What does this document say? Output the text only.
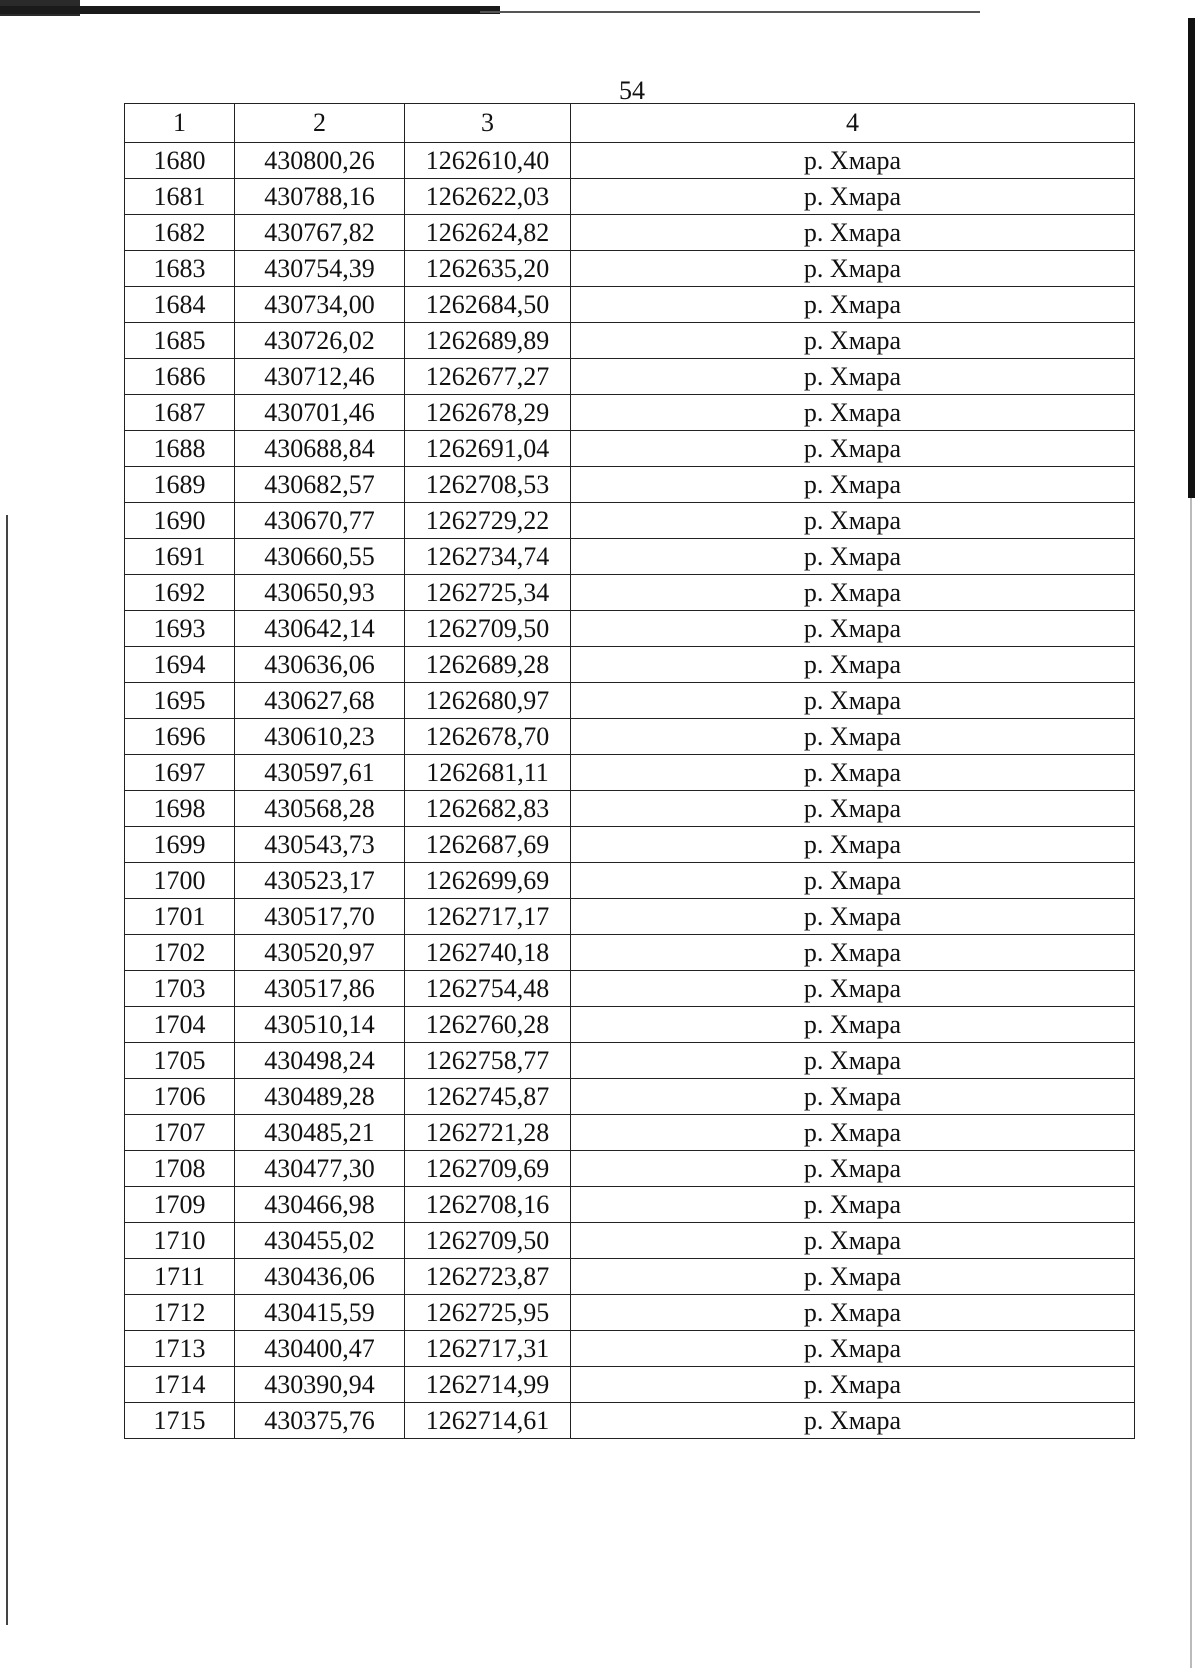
54
1	2	3	4
1680	430800,26	1262610,40	р. Хмара
1681	430788,16	1262622,03	р. Хмара
1682	430767,82	1262624,82	р. Хмара
1683	430754,39	1262635,20	р. Хмара
1684	430734,00	1262684,50	р. Хмара
1685	430726,02	1262689,89	р. Хмара
1686	430712,46	1262677,27	р. Хмара
1687	430701,46	1262678,29	р. Хмара
1688	430688,84	1262691,04	р. Хмара
1689	430682,57	1262708,53	р. Хмара
1690	430670,77	1262729,22	р. Хмара
1691	430660,55	1262734,74	р. Хмара
1692	430650,93	1262725,34	р. Хмара
1693	430642,14	1262709,50	р. Хмара
1694	430636,06	1262689,28	р. Хмара
1695	430627,68	1262680,97	р. Хмара
1696	430610,23	1262678,70	р. Хмара
1697	430597,61	1262681,11	р. Хмара
1698	430568,28	1262682,83	р. Хмара
1699	430543,73	1262687,69	р. Хмара
1700	430523,17	1262699,69	р. Хмара
1701	430517,70	1262717,17	р. Хмара
1702	430520,97	1262740,18	р. Хмара
1703	430517,86	1262754,48	р. Хмара
1704	430510,14	1262760,28	р. Хмара
1705	430498,24	1262758,77	р. Хмара
1706	430489,28	1262745,87	р. Хмара
1707	430485,21	1262721,28	р. Хмара
1708	430477,30	1262709,69	р. Хмара
1709	430466,98	1262708,16	р. Хмара
1710	430455,02	1262709,50	р. Хмара
1711	430436,06	1262723,87	р. Хмара
1712	430415,59	1262725,95	р. Хмара
1713	430400,47	1262717,31	р. Хмара
1714	430390,94	1262714,99	р. Хмара
1715	430375,76	1262714,61	р. Хмара
